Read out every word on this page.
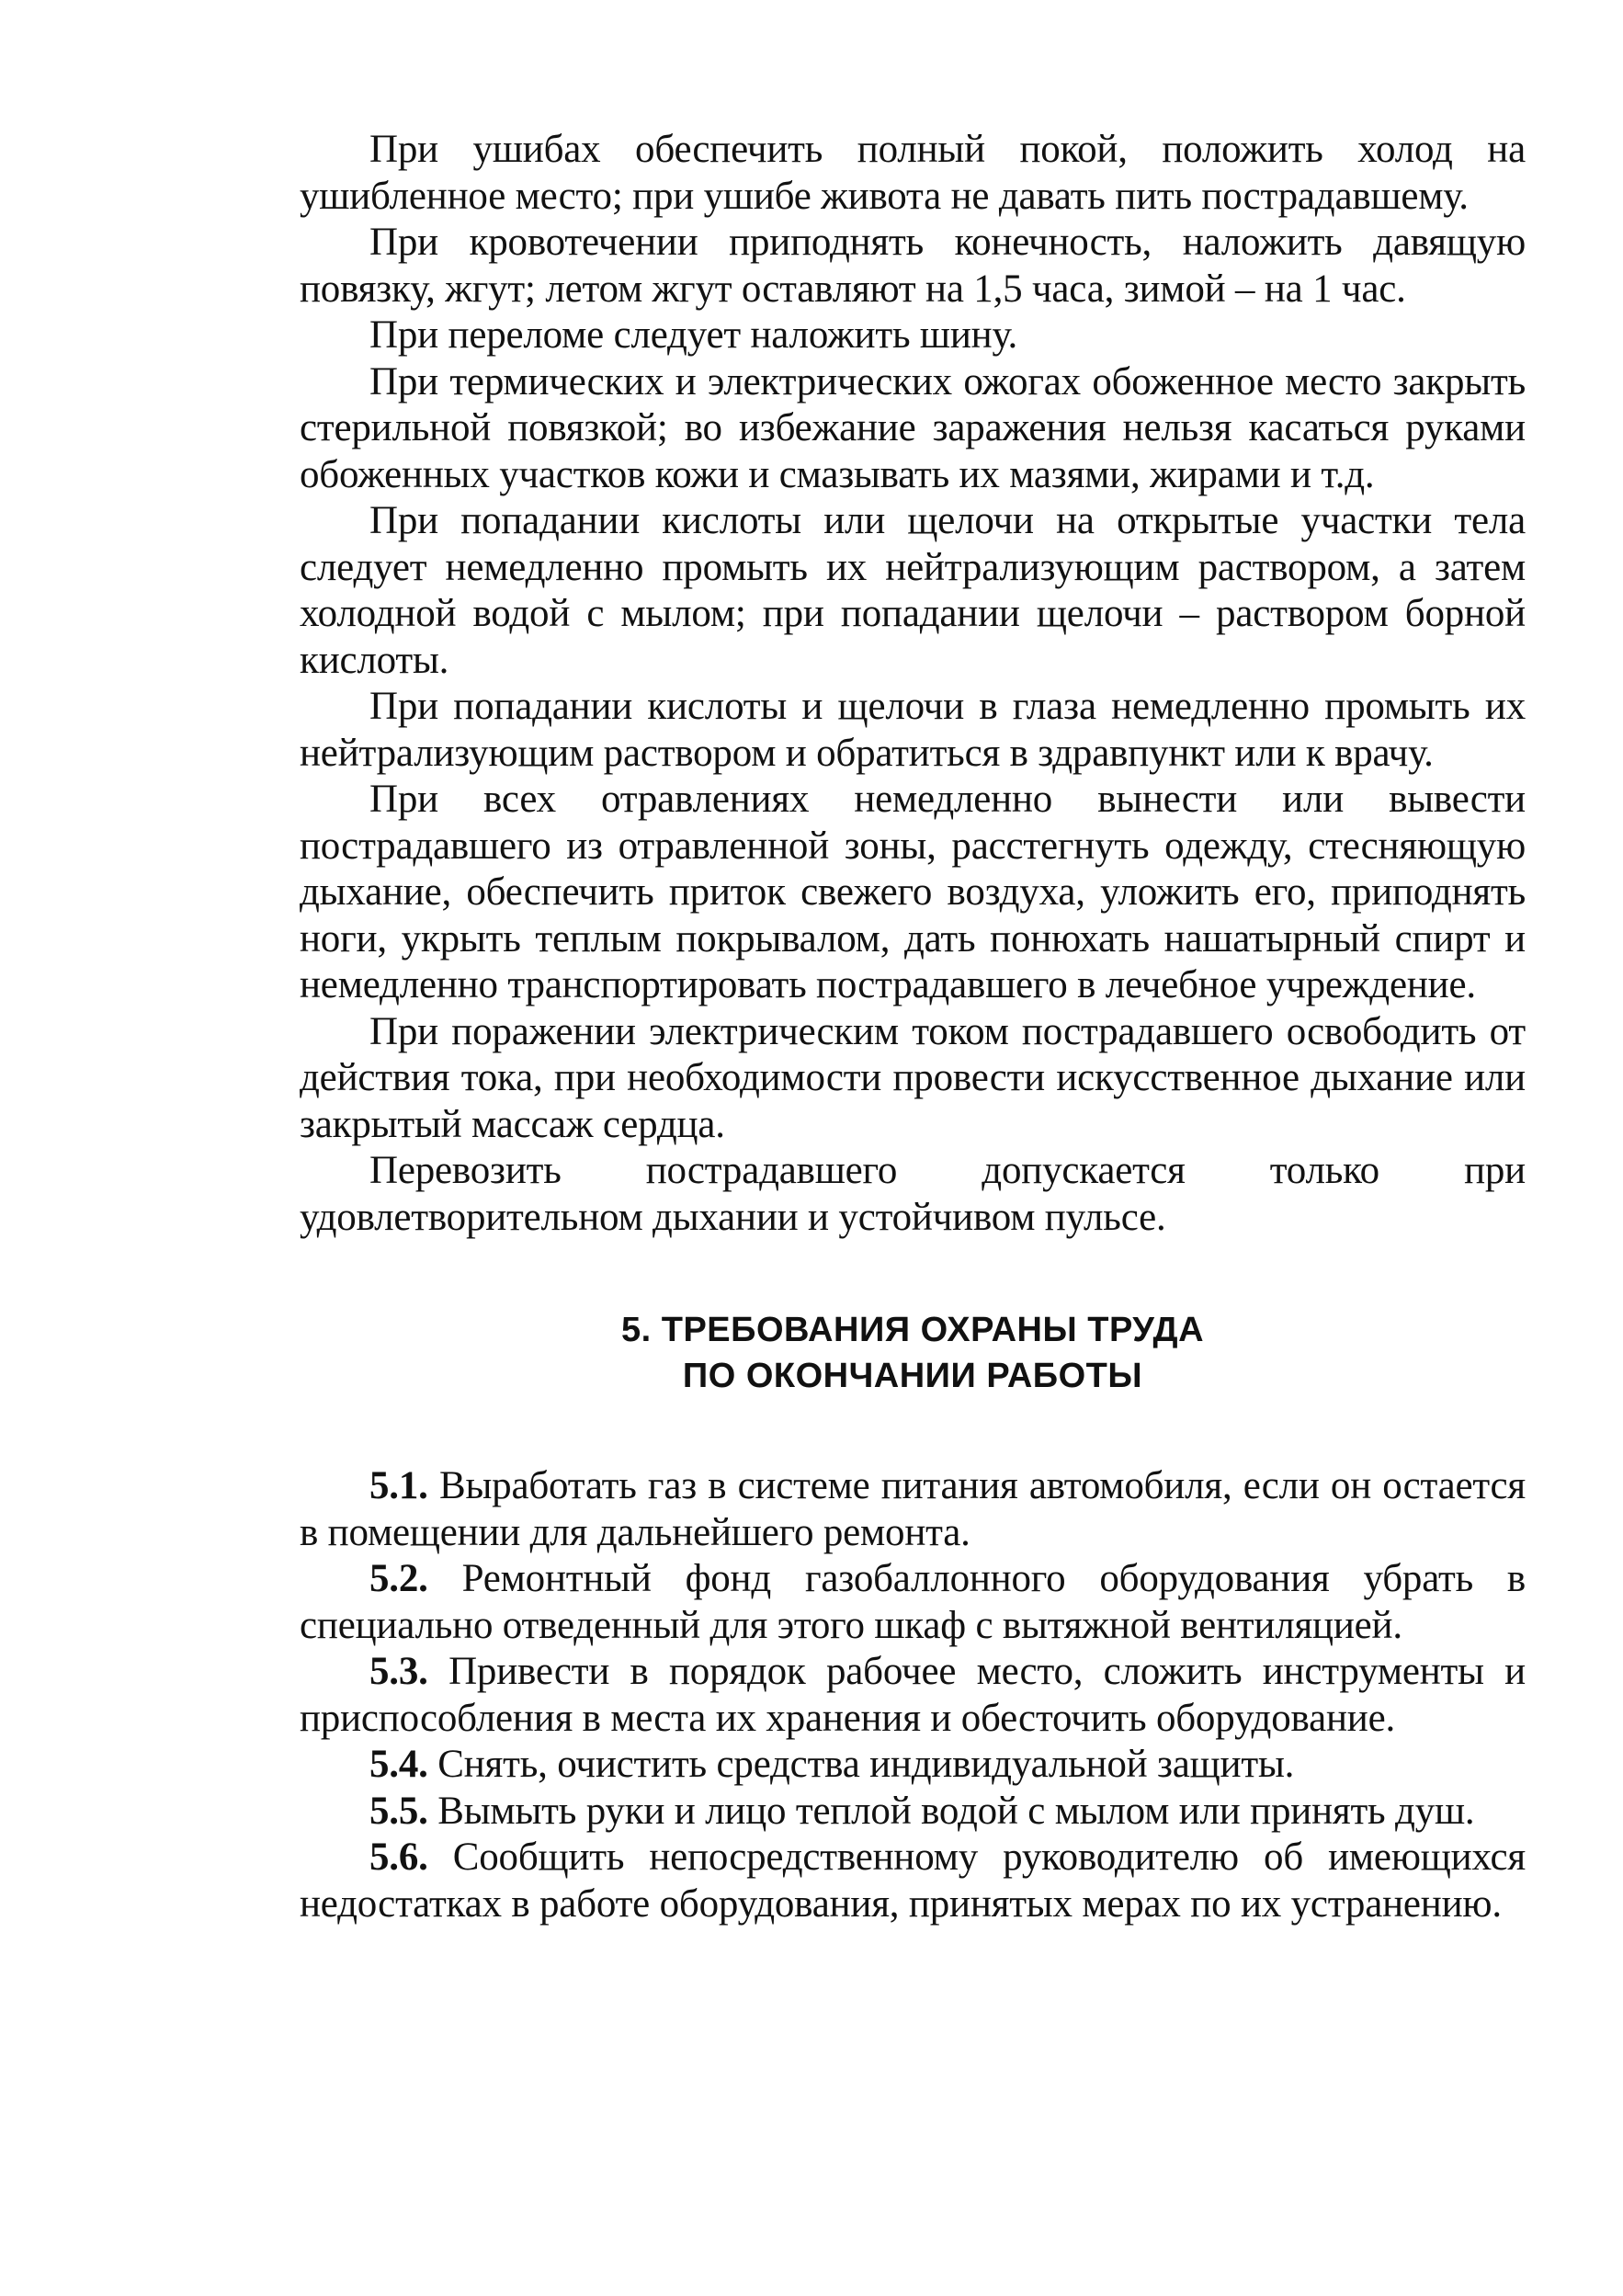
При ушибах обеспечить полный покой, положить холод на ушибленное место; при ушибе живота не давать пить пострадавшему.

При кровотечении приподнять конечность, наложить давящую повязку, жгут; летом жгут оставляют на 1,5 часа, зимой – на 1 час.

При переломе следует наложить шину.

При термических и электрических ожогах обоженное место закрыть стерильной повязкой; во избежание заражения нельзя касаться руками обоженных участков кожи и смазывать их мазями, жирами и т.д.

При попадании кислоты или щелочи на открытые участки тела следует немедленно промыть их нейтрализующим раствором, а затем холодной водой с мылом; при попадании щелочи – раствором борной кислоты.

При попадании кислоты и щелочи в глаза немедленно промыть их нейтрализующим раствором и обратиться в здравпункт или к врачу.

При всех отравлениях немедленно вынести или вывести пострадавшего из отравленной зоны, расстегнуть одежду, стесняющую дыхание, обеспечить приток свежего воздуха, уложить его, приподнять ноги, укрыть теплым покрывалом, дать понюхать нашатырный спирт и немедленно транспортировать пострадавшего в лечебное учреждение.

При поражении электрическим током пострадавшего освободить от действия тока, при необходимости провести искусственное дыхание или закрытый массаж сердца.

Перевозить пострадавшего допускается только при удовлетворительном дыхании и устойчивом пульсе.

5. ТРЕБОВАНИЯ ОХРАНЫ ТРУДА
ПО ОКОНЧАНИИ РАБОТЫ

5.1. Выработать газ в системе питания автомобиля, если он остается в помещении для дальнейшего ремонта.

5.2. Ремонтный фонд газобаллонного оборудования убрать в специально отведенный для этого шкаф с вытяжной вентиляцией.

5.3. Привести в порядок рабочее место, сложить инструменты и приспособления в места их хранения и обесточить оборудование.

5.4. Снять, очистить средства индивидуальной защиты.

5.5. Вымыть руки и лицо теплой водой с мылом или принять душ.

5.6. Сообщить непосредственному руководителю об имеющихся недостатках в работе оборудования, принятых мерах по их устранению.
